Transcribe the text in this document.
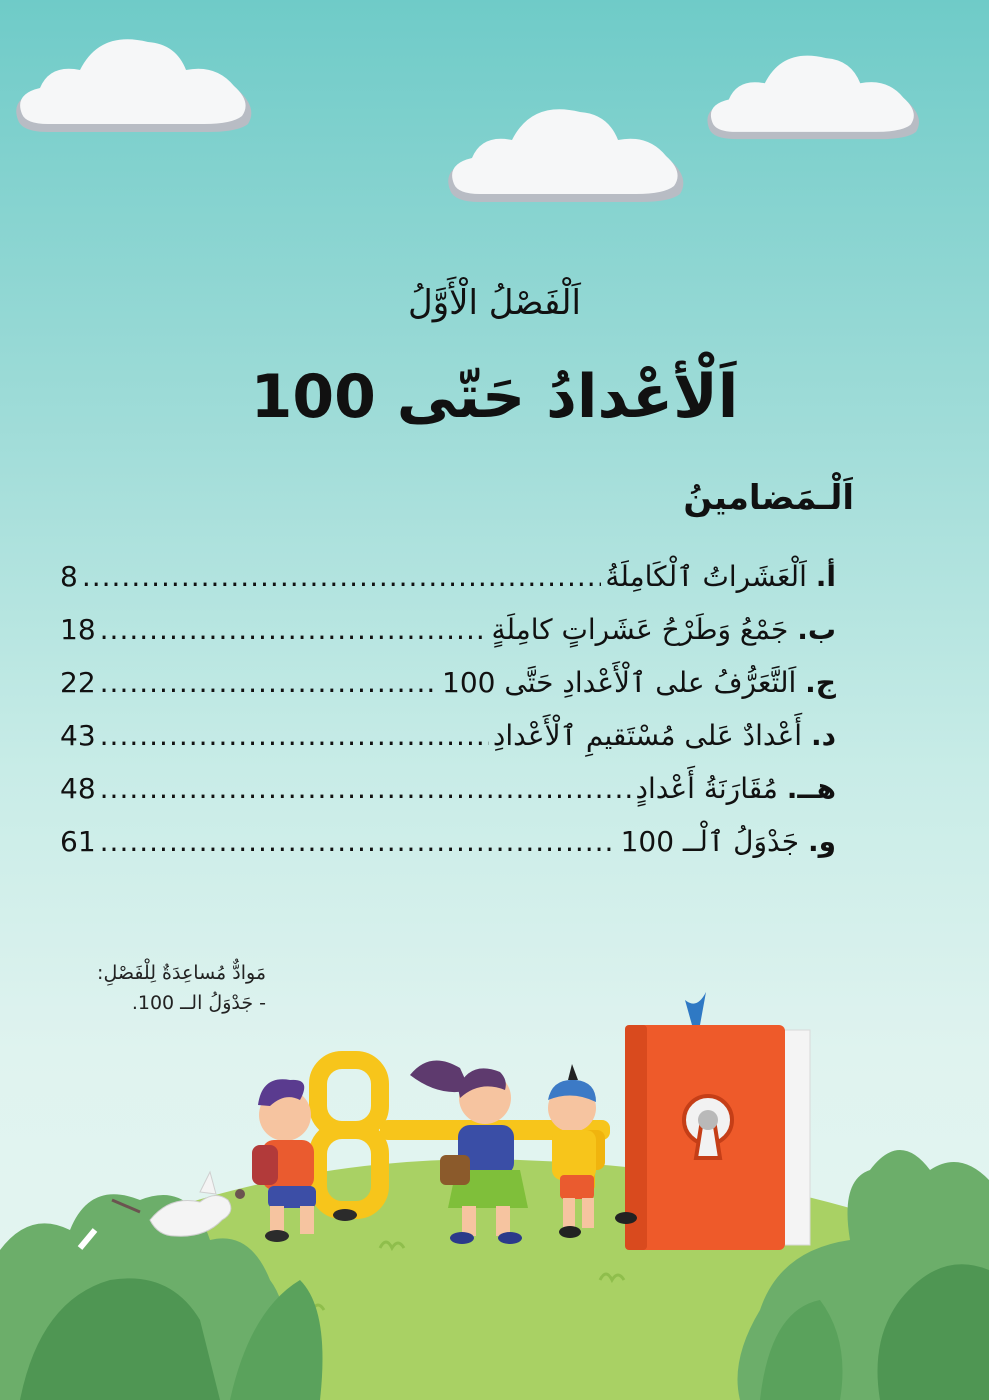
اَلْفَصْلُ الْأَوَّلُ
اَلْأعْدادُ حَتّى 100
اَلْـمَضامينُ
8 .....	أ. اَلْعَشَراتُ ٱلْكَامِلَةُ
18 .....	ب. جَمْعُ وَطَرْحُ عَشَراتٍ كامِلَةٍ
22 .....	ج. اَلتَّعَرُّفُ على ٱلْأَعْدادِ حَتَّى 100
43 .....	د. أَعْدادٌ عَلى مُسْتَقيمِ ٱلْأَعْدادِ
48 .....	هــ. مُقَارَنَةُ أَعْدادٍ
61 .....	و. جَدْوَلُ ٱلْــ 100
مَوادٌّ مُساعِدَةٌ لِلْفَصْلِ:
- جَدْوَلُ الــ 100.
